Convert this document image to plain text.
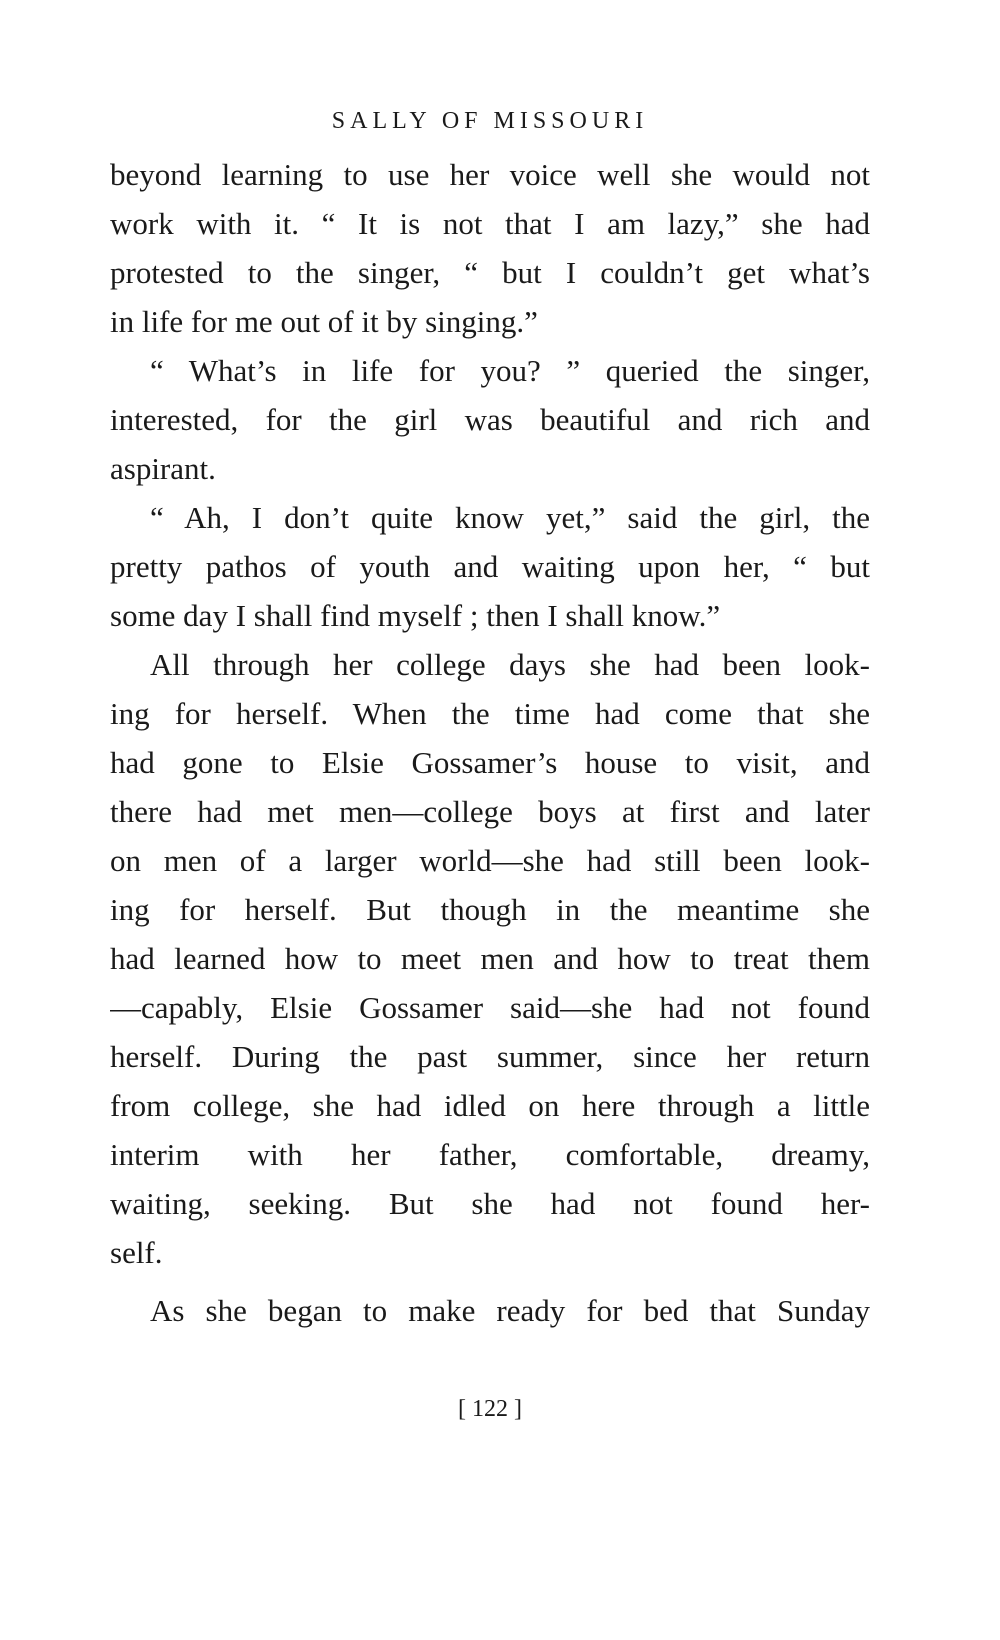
SALLY OF MISSOURI
beyond learning to use her voice well she would not
work with it. “ It is not that I am lazy,” she had
protested to the singer, “ but I couldn’t get what’s
in life for me out of it by singing.”
“ What’s in life for you? ” queried the singer,
interested, for the girl was beautiful and rich and
aspirant.
“ Ah, I don’t quite know yet,” said the girl, the
pretty pathos of youth and waiting upon her, “ but
some day I shall find myself ; then I shall know.”
All through her college days she had been look-
ing for herself. When the time had come that she
had gone to Elsie Gossamer’s house to visit, and
there had met men—college boys at first and later
on men of a larger world—she had still been look-
ing for herself. But though in the meantime she
had learned how to meet men and how to treat them
—capably, Elsie Gossamer said—she had not found
herself. During the past summer, since her return
from college, she had idled on here through a little
interim with her father, comfortable, dreamy,
waiting, seeking. But she had not found her-
self.
As she began to make ready for bed that Sunday
[ 122 ]
